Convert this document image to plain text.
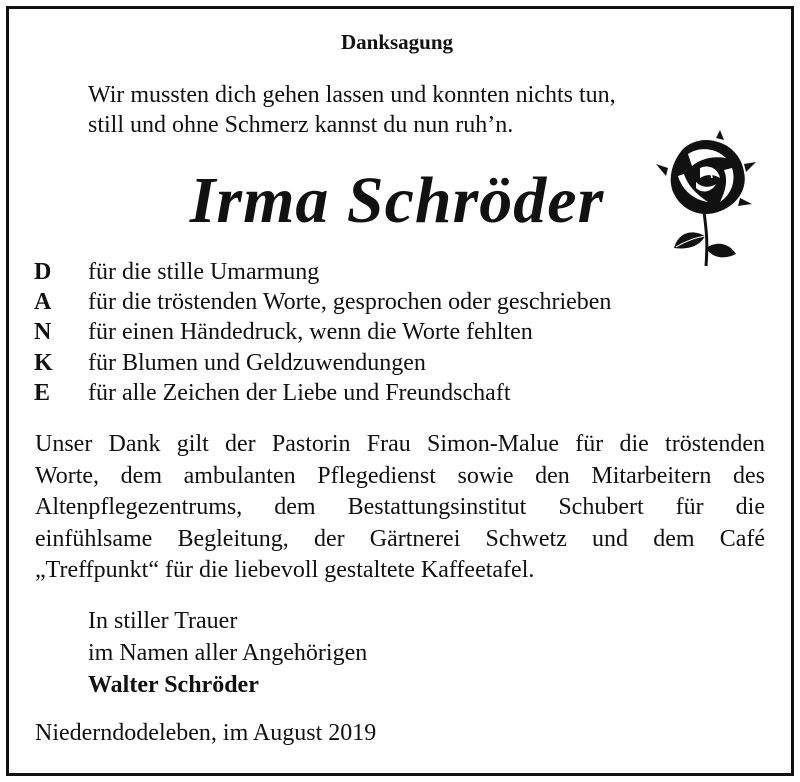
Danksagung
Wir mussten dich gehen lassen und konnten nichts tun,
still und ohne Schmerz kannst du nun ruh’n.
Irma Schröder
D für die stille Umarmung
A für die tröstenden Worte, gesprochen oder geschrieben
N für einen Händedruck, wenn die Worte fehlten
K für Blumen und Geldzuwendungen
E für alle Zeichen der Liebe und Freundschaft
Unser Dank gilt der Pastorin Frau Simon-Malue für die tröstenden
Worte, dem ambulanten Pflegedienst sowie den Mitarbeitern des
Altenpflegezentrums, dem Bestattungsinstitut Schubert für die
einfühlsame Begleitung, der Gärtnerei Schwetz und dem Café
„Treffpunkt“ für die liebevoll gestaltete Kaffeetafel.
In stiller Trauer
im Namen aller Angehörigen
Walter Schröder
Niederndodeleben, im August 2019
